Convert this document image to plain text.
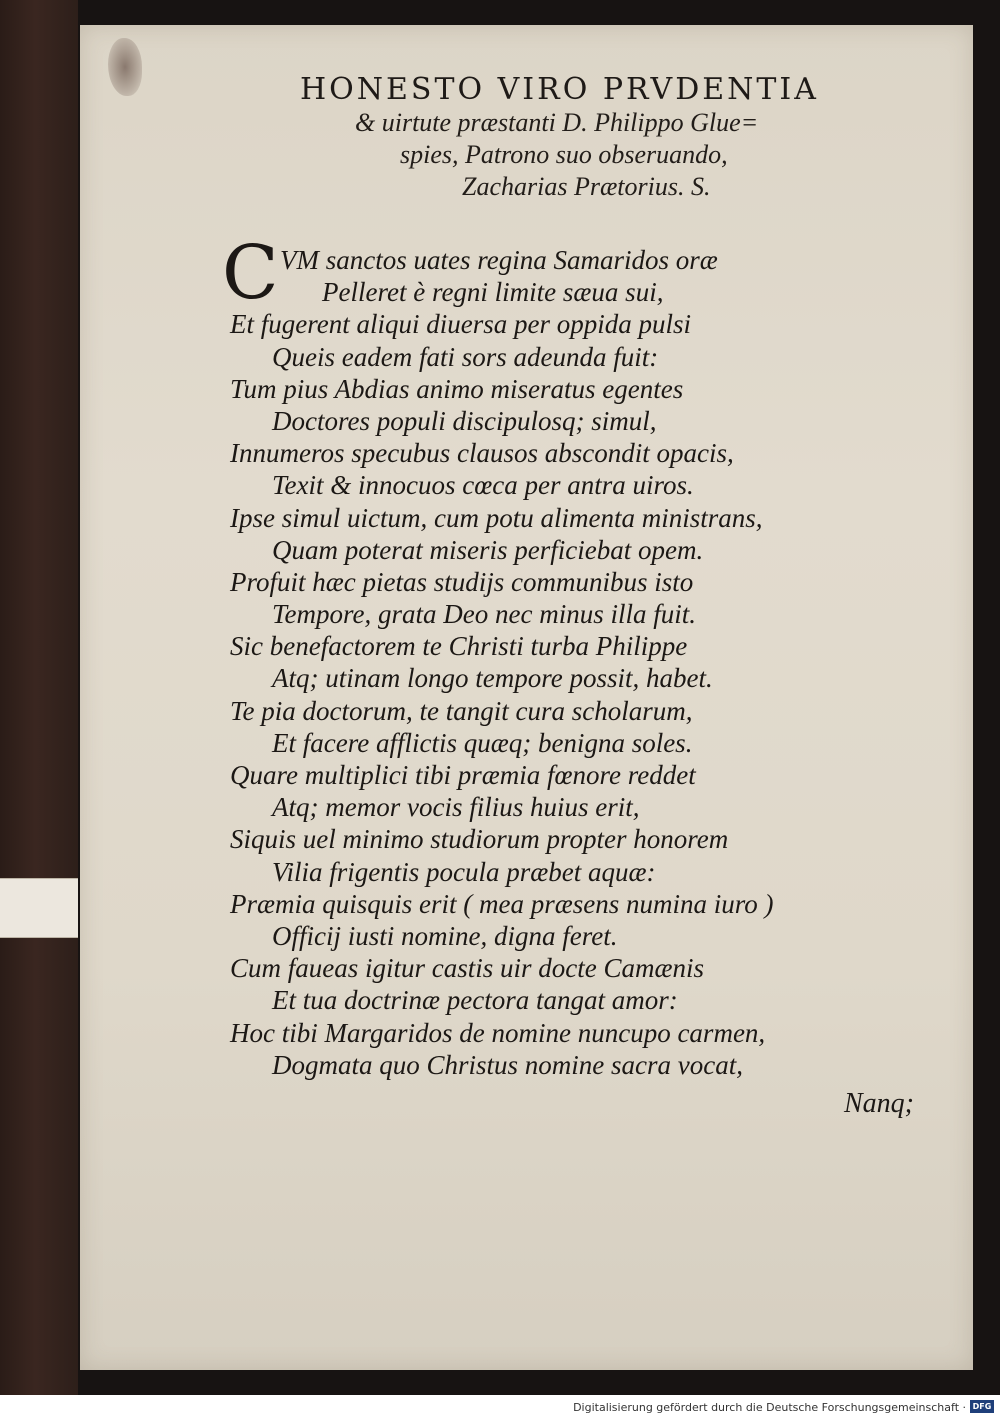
HONESTO VIRO PRVDENTIA
& uirtute præstanti D. Philippo Glue=
spies, Patrono suo obseruando,
Zacharias Prætorius. S.
C VM sanctos uates regina Samaridos oræ
Pelleret è regni limite sæua sui,
Et fugerent aliqui diuersa per oppida pulsi
Queis eadem fati sors adeunda fuit:
Tum pius Abdias animo miseratus egentes
Doctores populi discipulosq; simul,
Innumeros specubus clausos abscondit opacis,
Texit & innocuos cœca per antra uiros.
Ipse simul uictum, cum potu alimenta ministrans,
Quam poterat miseris perficiebat opem.
Profuit hæc pietas studijs communibus isto
Tempore, grata Deo nec minus illa fuit.
Sic benefactorem te Christi turba Philippe
Atq; utinam longo tempore possit, habet.
Te pia doctorum, te tangit cura scholarum,
Et facere afflictis quæq; benigna soles.
Quare multiplici tibi præmia fœnore reddet
Atq; memor vocis filius huius erit,
Siquis uel minimo studiorum propter honorem
Vilia frigentis pocula præbet aquæ:
Præmia quisquis erit ( mea præsens numina iuro )
Officij iusti nomine, digna feret.
Cum faueas igitur castis uir docte Camænis
Et tua doctrinæ pectora tangat amor:
Hoc tibi Margaridos de nomine nuncupo carmen,
Dogmata quo Christus nomine sacra vocat,
Nanq;
Digitalisierung gefördert durch die Deutsche Forschungsgemeinschaft · DFG
